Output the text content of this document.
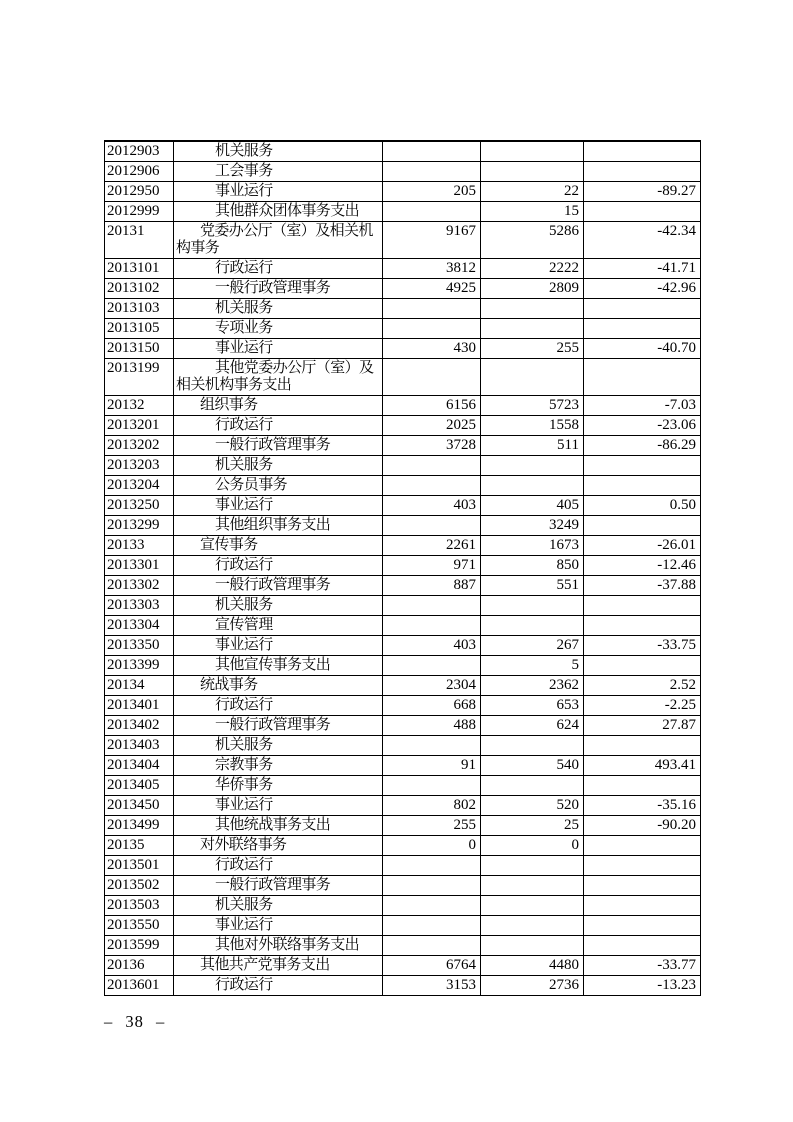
2012903	机关服务			
2012906	工会事务			
2012950	事业运行	205	22	-89.27
2012999	其他群众团体事务支出		15	
20131	党委办公厅（室）及相关机构事务	9167	5286	-42.34
2013101	行政运行	3812	2222	-41.71
2013102	一般行政管理事务	4925	2809	-42.96
2013103	机关服务			
2013105	专项业务			
2013150	事业运行	430	255	-40.70
2013199	其他党委办公厅（室）及相关机构事务支出			
20132	组织事务	6156	5723	-7.03
2013201	行政运行	2025	1558	-23.06
2013202	一般行政管理事务	3728	511	-86.29
2013203	机关服务			
2013204	公务员事务			
2013250	事业运行	403	405	0.50
2013299	其他组织事务支出		3249	
20133	宣传事务	2261	1673	-26.01
2013301	行政运行	971	850	-12.46
2013302	一般行政管理事务	887	551	-37.88
2013303	机关服务			
2013304	宣传管理			
2013350	事业运行	403	267	-33.75
2013399	其他宣传事务支出		5	
20134	统战事务	2304	2362	2.52
2013401	行政运行	668	653	-2.25
2013402	一般行政管理事务	488	624	27.87
2013403	机关服务			
2013404	宗教事务	91	540	493.41
2013405	华侨事务			
2013450	事业运行	802	520	-35.16
2013499	其他统战事务支出	255	25	-90.20
20135	对外联络事务	0	0	
2013501	行政运行			
2013502	一般行政管理事务			
2013503	机关服务			
2013550	事业运行			
2013599	其他对外联络事务支出			
20136	其他共产党事务支出	6764	4480	-33.77
2013601	行政运行	3153	2736	-13.23
– 38 –
